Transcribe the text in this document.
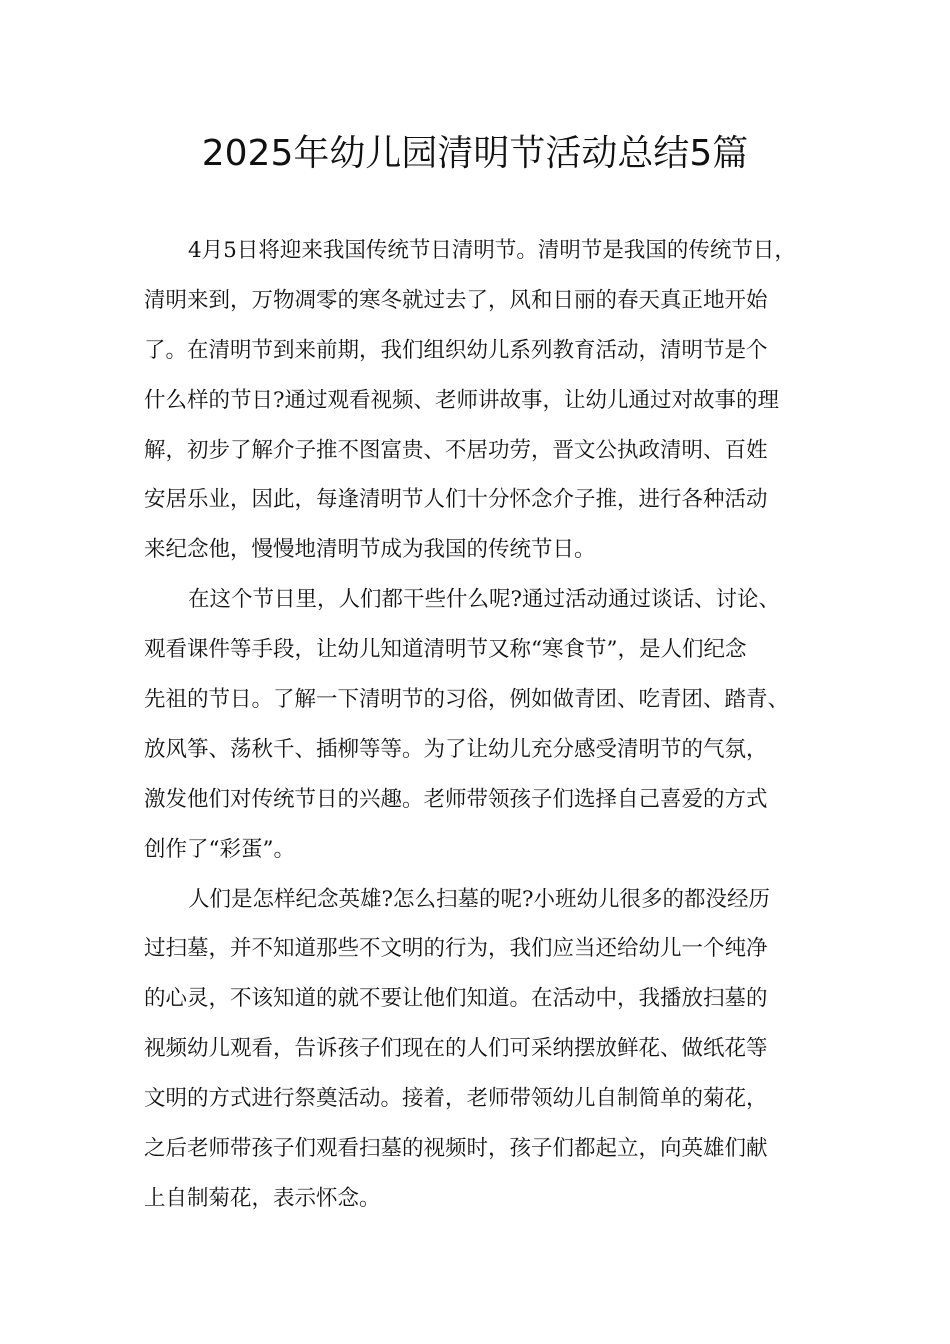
2025年幼儿园清明节活动总结5篇
4月5日将迎来我国传统节日清明节。清明节是我国的传统节日，
清明来到，万物凋零的寒冬就过去了，风和日丽的春天真正地开始
了。在清明节到来前期，我们组织幼儿系列教育活动，清明节是个
什么样的节日?通过观看视频、老师讲故事，让幼儿通过对故事的理
解，初步了解介子推不图富贵、不居功劳，晋文公执政清明、百姓
安居乐业，因此，每逢清明节人们十分怀念介子推，进行各种活动
来纪念他，慢慢地清明节成为我国的传统节日。
在这个节日里，人们都干些什么呢?通过活动通过谈话、讨论、
观看课件等手段，让幼儿知道清明节又称“寒食节”，是人们纪念
先祖的节日。了解一下清明节的习俗，例如做青团、吃青团、踏青、
放风筝、荡秋千、插柳等等。为了让幼儿充分感受清明节的气氛，
激发他们对传统节日的兴趣。老师带领孩子们选择自己喜爱的方式
创作了“彩蛋”。
人们是怎样纪念英雄?怎么扫墓的呢?小班幼儿很多的都没经历
过扫墓，并不知道那些不文明的行为，我们应当还给幼儿一个纯净
的心灵，不该知道的就不要让他们知道。在活动中，我播放扫墓的
视频幼儿观看，告诉孩子们现在的人们可采纳摆放鲜花、做纸花等
文明的方式进行祭奠活动。接着，老师带领幼儿自制简单的菊花，
之后老师带孩子们观看扫墓的视频时，孩子们都起立，向英雄们献
上自制菊花，表示怀念。
